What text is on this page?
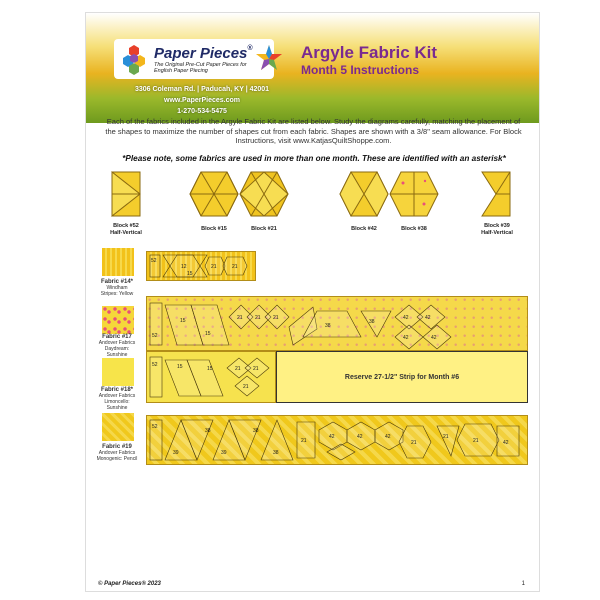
Paper Pieces®
The Original Pre-Cut Paper Pieces for English Paper Piecing
3306 Coleman Rd. | Paducah, KY | 42001
www.PaperPieces.com
1-270-534-5475
Argyle Fabric Kit
Month 5 Instructions
Each of the fabrics included in the Argyle Fabric Kit are listed below. Study the diagrams carefully, matching the placement of the shapes to maximize the number of shapes cut from each fabric. Shapes are shown with a 3/8" seam allowance. For Block Instructions, visit www.KatjasQuiltShoppe.com.
*Please note, some fabrics are used in more than one month. These are identified with an asterisk*
Block #52
Half-Vertical
Block #15	Block #21	Block #42	Block #38	Block #39
Half-Vertical
Fabric #14*
Windham
Stripes: Yellow
52
12	21	21
15
Fabric #17
Andover Fabrics
Daydream: Sunshine
52
15
15
21 21 21
38
38
42	42
42	42
Fabric #18*
Andover Fabrics
Limoncello: Sunshine
52	15	15	21 21
21
Reserve 27-1/2" Strip for Month #6
Fabric #19
Andover Fabrics
Monogenic: Pencil
52
39	39
38	38
38
21
42	42	42
21
21
21	42
© Paper Pieces® 2023	1
